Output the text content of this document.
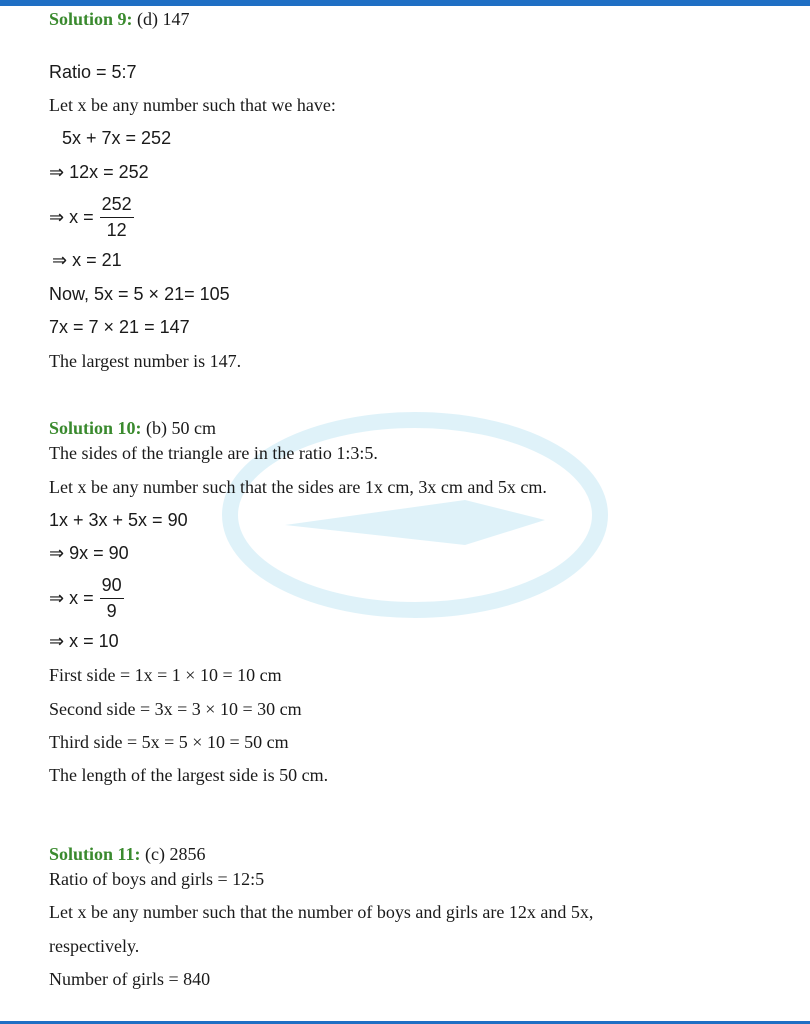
Solution 9: (d) 147
Ratio = 5:7
Let x be any number such that we have:
5x + 7x = 252
⇒ 12x = 252
⇒ $x = \frac{252}{12}$
⇒ x = 21
Now, 5x = 5 × 21= 105
7x = 7 × 21 = 147
The largest number is 147.
Solution 10: (b) 50 cm
The sides of the triangle are in the ratio 1:3:5.
Let x be any number such that the sides are 1x cm, 3x cm and 5x cm.
1x + 3x + 5x = 90
⇒ 9x = 90
⇒ $x = \frac{90}{9}$
⇒ x = 10
First side = 1x = 1 × 10 = 10 cm
Second side = 3x = 3 × 10 = 30 cm
Third side = 5x = 5 × 10 = 50 cm
The length of the largest side is 50 cm.
Solution 11: (c) 2856
Ratio of boys and girls = 12:5
Let x be any number such that the number of boys and girls are 12x and 5x,
respectively.
Number of girls = 840
